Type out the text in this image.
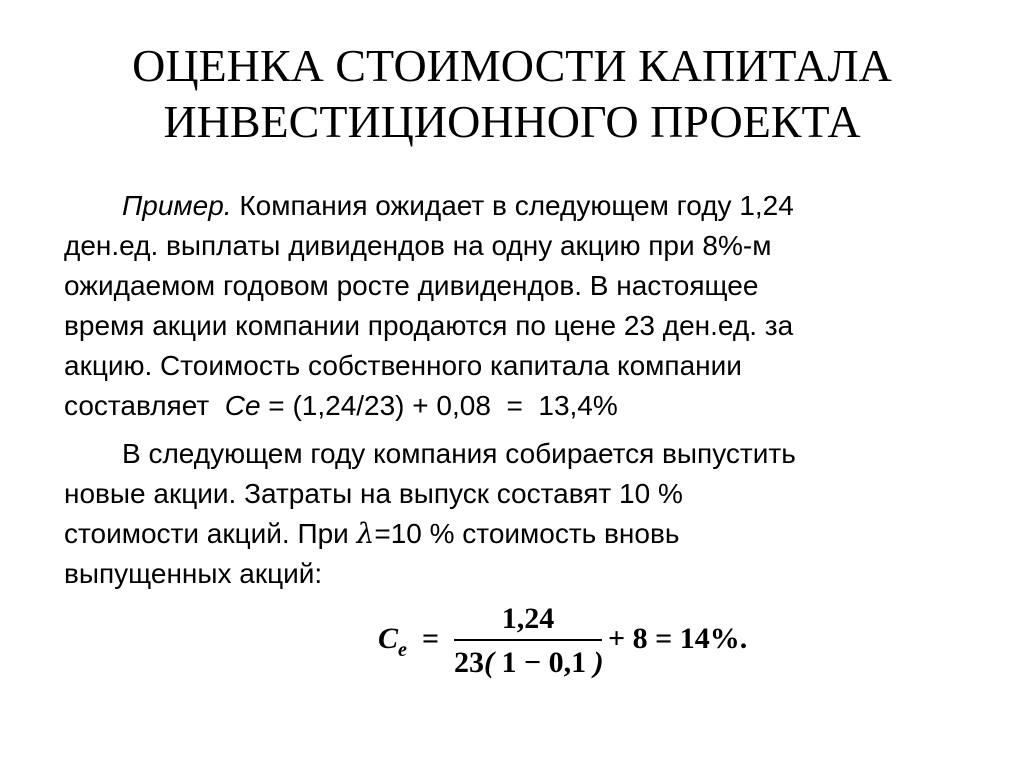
ОЦЕНКА СТОИМОСТИ КАПИТАЛА
ИНВЕСТИЦИОННОГО ПРОЕКТА
Пример. Компания ожидает в следующем году 1,24
ден.ед. выплаты дивидендов на одну акцию при 8%-м
ожидаемом годовом росте дивидендов. В настоящее
время акции компании продаются по цене 23 ден.ед. за
акцию. Стоимость собственного капитала компании
составляет  Ce = (1,24/23) + 0,08  =  13,4%
В следующем году компания собирается выпустить
новые акции. Затраты на выпуск составят 10 %
стоимости акций. При λ=10 % стоимость вновь
выпущенных акций:
$C_e$ =
1,24
23( 1 − 0,1 )
+ 8 = 14%.
